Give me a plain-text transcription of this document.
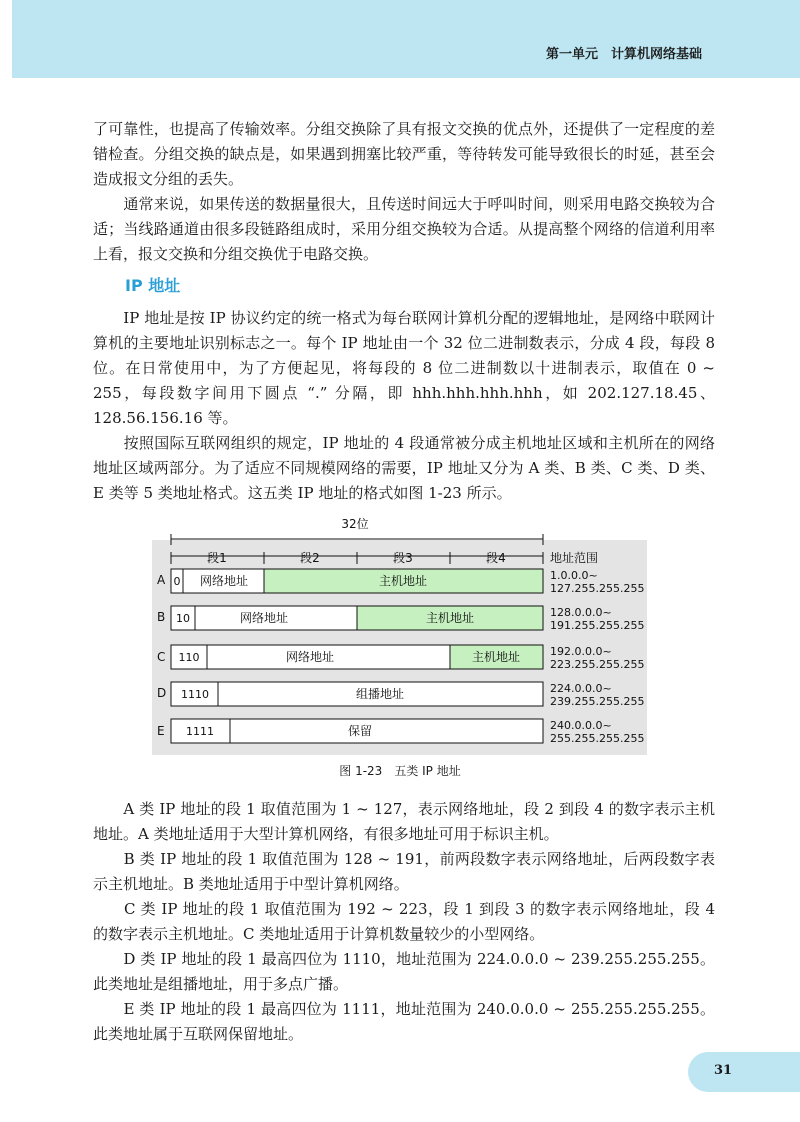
第一单元　计算机网络基础

了可靠性，也提高了传输效率。分组交换除了具有报文交换的优点外，还提供了一定程度的差错检查。分组交换的缺点是，如果遇到拥塞比较严重，等待转发可能导致很长的时延，甚至会造成报文分组的丢失。

　　通常来说，如果传送的数据量很大，且传送时间远大于呼叫时间，则采用电路交换较为合适；当线路通道由很多段链路组成时，采用分组交换较为合适。从提高整个网络的信道利用率上看，报文交换和分组交换优于电路交换。

IP 地址

　　IP 地址是按 IP 协议约定的统一格式为每台联网计算机分配的逻辑地址，是网络中联网计算机的主要地址识别标志之一。每个 IP 地址由一个 32 位二进制数表示，分成 4 段，每段 8 位。在日常使用中，为了方便起见，将每段的 8 位二进制数以十进制表示，取值在 0 ~ 255，每段数字间用下圆点 “.” 分隔，即 hhh.hhh.hhh.hhh，如 202.127.18.45、128.56.156.16 等。

　　按照国际互联网组织的规定，IP 地址的 4 段通常被分成主机地址区域和主机所在的网络地址区域两部分。为了适应不同规模网络的需要，IP 地址又分为 A 类、B 类、C 类、D 类、E 类等 5 类地址格式。这五类 IP 地址的格式如图 1-23 所示。

32位
段1	段2	段3	段4	地址范围
A 0 网络地址	主机地址	1.0.0.0~
127.255.255.255
B 10	网络地址	主机地址	128.0.0.0~
191.255.255.255
C 110	网络地址	主机地址	192.0.0.0~
223.255.255.255
D 1110	组播地址	224.0.0.0~
239.255.255.255
E 1111	保留	240.0.0.0~
255.255.255.255
图 1-23 五类 IP 地址

　　A 类 IP 地址的段 1 取值范围为 1 ~ 127，表示网络地址，段 2 到段 4 的数字表示主机地址。A 类地址适用于大型计算机网络，有很多地址可用于标识主机。

　　B 类 IP 地址的段 1 取值范围为 128 ~ 191，前两段数字表示网络地址，后两段数字表示主机地址。B 类地址适用于中型计算机网络。

　　C 类 IP 地址的段 1 取值范围为 192 ~ 223，段 1 到段 3 的数字表示网络地址，段 4 的数字表示主机地址。C 类地址适用于计算机数量较少的小型网络。

　　D 类 IP 地址的段 1 最高四位为 1110，地址范围为 224.0.0.0 ~ 239.255.255.255。此类地址是组播地址，用于多点广播。

　　E 类 IP 地址的段 1 最高四位为 1111，地址范围为 240.0.0.0 ~ 255.255.255.255。此类地址属于互联网保留地址。

31
